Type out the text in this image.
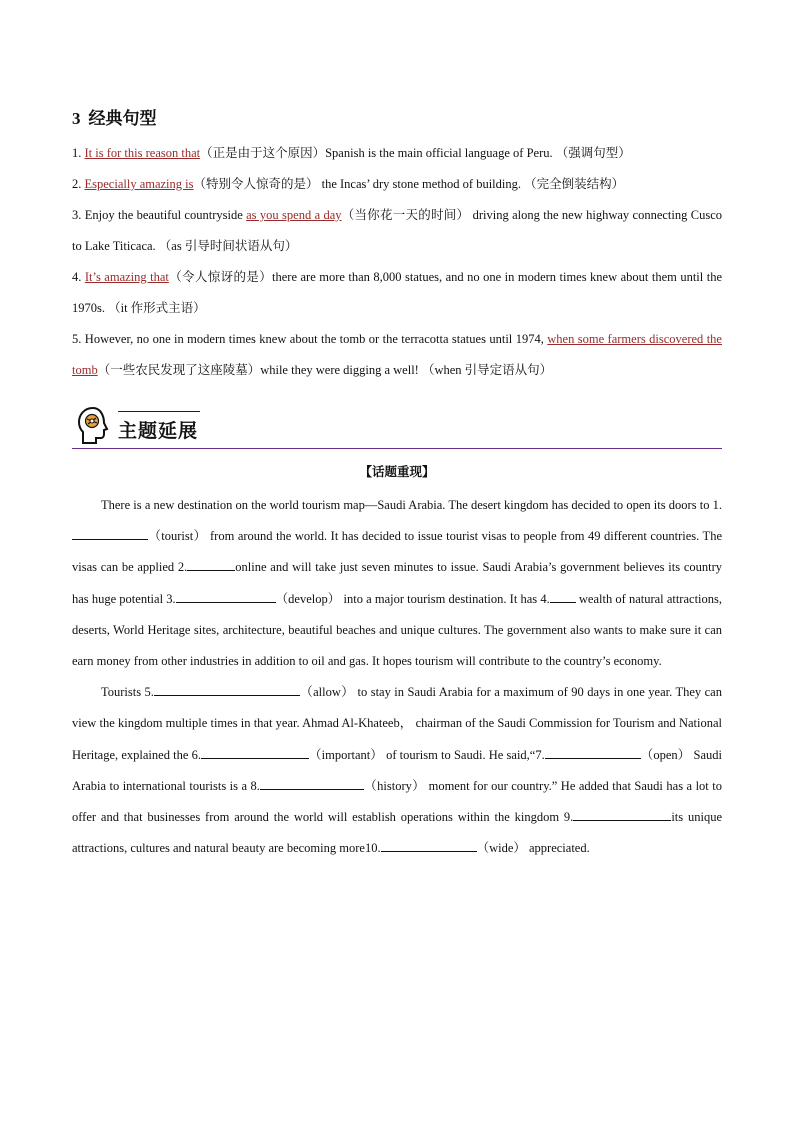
3 经典句型
1. It is for this reason that（正是由于这个原因）Spanish is the main official language of Peru. （强调句型）
2. Especially amazing is（特别令人惊奇的是） the Incas’ dry stone method of building. （完全倒装结构）
3. Enjoy the beautiful countryside as you spend a day（当你花一天的时间） driving along the new highway connecting Cusco to Lake Titicaca. （as 引导时间状语从句）
4. It’s amazing that（令人惊讶的是）there are more than 8,000 statues, and no one in modern times knew about them until the 1970s. （it 作形式主语）
5. However, no one in modern times knew about the tomb or the terracotta statues until 1974, when some farmers discovered the tomb（一些农民发现了这座陵墓）while they were digging a well! （when 引导定语从句）
主题延展
【话题重现】
There is a new destination on the world tourism map—Saudi Arabia. The desert kingdom has decided to open its doors to 1.（tourist） from around the world. It has decided to issue tourist visas to people from 49 different countries. The visas can be applied 2.	online and will take just seven minutes to issue. Saudi Arabia’s government believes its country has huge potential 3.	（develop） into a major tourism destination. It has 4. wealth of natural attractions, deserts, World Heritage sites, architecture, beautiful beaches and unique cultures. The government also wants to make sure it can earn money from other industries in addition to oil and gas. It hopes tourism will contribute to the country’s economy.
Tourists 5.	（allow） to stay in Saudi Arabia for a maximum of 90 days in one year. They can view the kingdom multiple times in that year. Ahmad Al-Khateeb， chairman of the Saudi Commission for Tourism and National Heritage, explained the 6.	（important） of tourism to Saudi. He said,“7.	（open） Saudi Arabia to international tourists is a 8.	（history） moment for our country.” He added that Saudi has a lot to offer and that businesses from around the world will establish operations within the kingdom 9.	its unique attractions, cultures and natural beauty are becoming more10.	（wide） appreciated.
